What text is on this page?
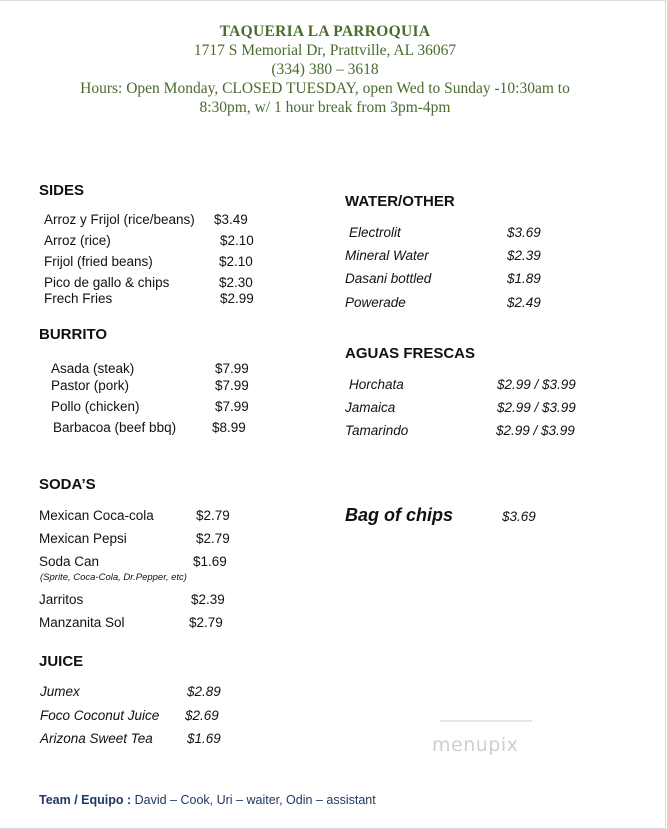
TAQUERIA LA PARROQUIA
1717 S Memorial Dr, Prattville, AL 36067
(334) 380 – 3618
Hours: Open Monday, CLOSED TUESDAY, open Wed to Sunday -10:30am to
8:30pm, w/ 1 hour break from 3pm-4pm
SIDES
Arroz y Frijol (rice/beans) $3.49
Arroz (rice)	$2.10
Frijol (fried beans)	$2.10
Pico de gallo & chips	$2.30
Frech Fries	$2.99
BURRITO
Asada (steak)	$7.99
Pastor (pork)	$7.99
Pollo (chicken)	$7.99
Barbacoa (beef bbq)	$8.99
SODA’S
Mexican Coca-cola	$2.79
Mexican Pepsi	$2.79
Soda Can	$1.69
(Sprite, Coca-Cola, Dr.Pepper, etc)
Jarritos	$2.39
Manzanita Sol	$2.79
JUICE
Jumex	$2.89
Foco Coconut Juice $2.69
Arizona Sweet Tea	$1.69
WATER/OTHER
Electrolit	$3.69
Mineral Water	$2.39
Dasani bottled	$1.89
Powerade	$2.49
AGUAS FRESCAS
Horchata	$2.99 / $3.99
Jamaica	$2.99 / $3.99
Tamarindo	$2.99 / $3.99
Bag of chips	$3.69
menupix
Team / Equipo : David – Cook, Uri – waiter, Odin – assistant
